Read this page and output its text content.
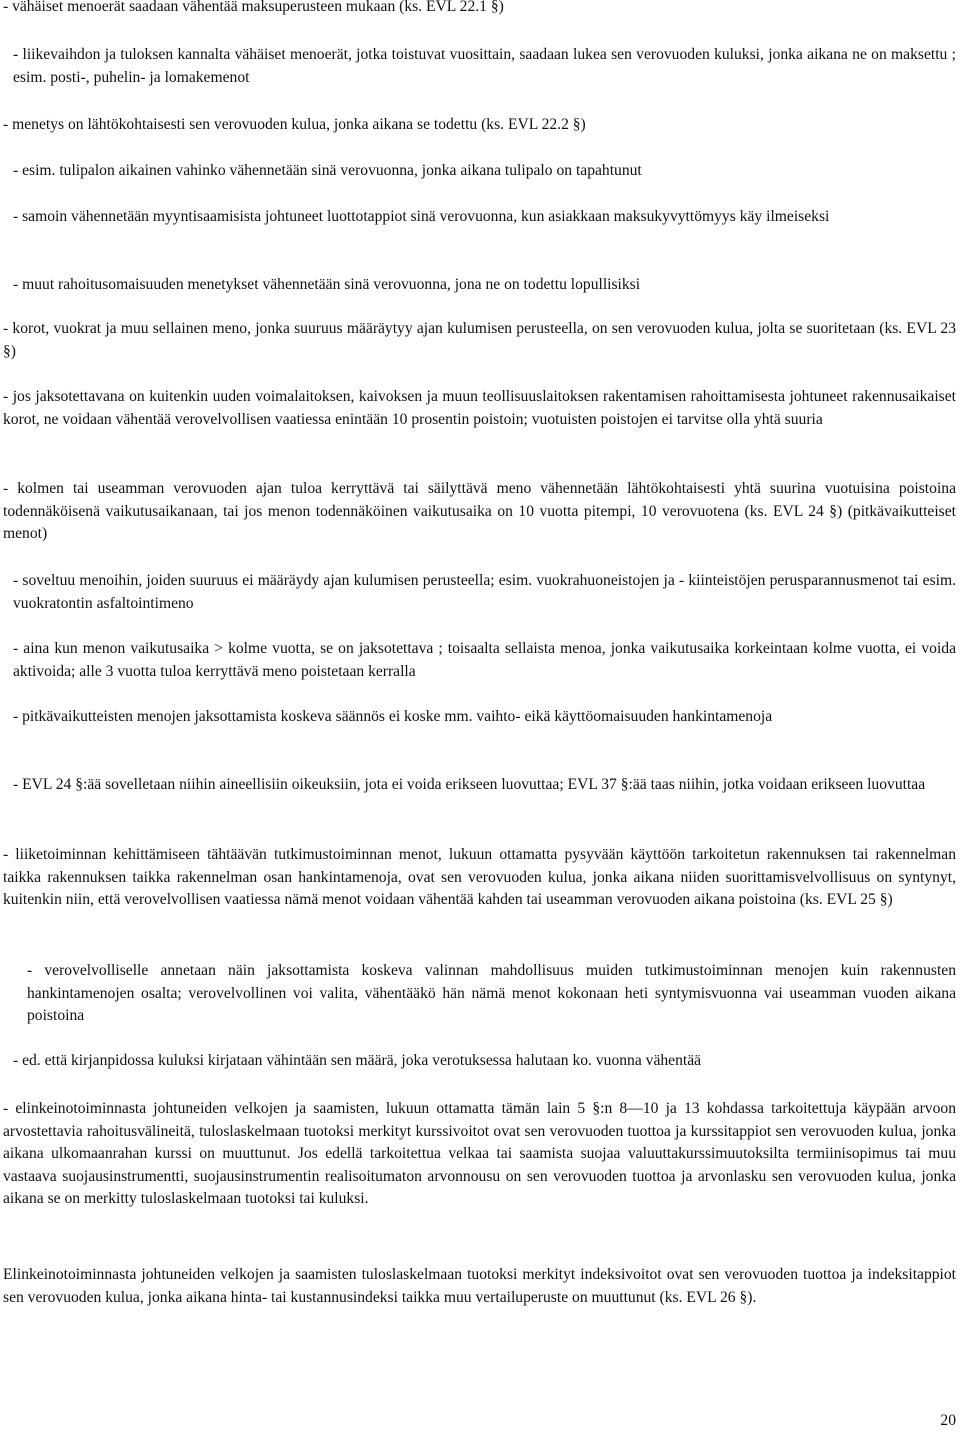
- vähäiset menoerät saadaan vähentää maksuperusteen mukaan (ks. EVL 22.1 §)

- liikevaihdon ja tuloksen kannalta vähäiset menoerät, jotka toistuvat vuosittain, saadaan lukea sen verovuoden kuluksi, jonka aikana ne on maksettu ; esim. posti-, puhelin- ja lomakemenot

- menetys on lähtökohtaisesti sen verovuoden kulua, jonka aikana se todettu (ks. EVL 22.2 §)

- esim. tulipalon aikainen vahinko vähennetään sinä verovuonna, jonka aikana tulipalo on tapahtunut

- samoin vähennetään myyntisaamisista johtuneet luottotappiot sinä verovuonna, kun asiakkaan maksukyvyttömyys käy ilmeiseksi

- muut rahoitusomaisuuden menetykset vähennetään sinä verovuonna, jona ne on todettu lopullisiksi

- korot, vuokrat ja muu sellainen meno, jonka suuruus määräytyy ajan kulumisen perusteella, on sen verovuoden kulua, jolta se suoritetaan (ks. EVL 23 §)

- jos jaksotettavana on kuitenkin uuden voimalaitoksen, kaivoksen ja muun teollisuuslaitoksen rakentamisen rahoittamisesta johtuneet rakennusaikaiset korot, ne voidaan vähentää verovelvollisen vaatiessa enintään 10 prosentin poistoin; vuotuisten poistojen ei tarvitse olla yhtä suuria

- kolmen tai useamman verovuoden ajan tuloa kerryttävä tai säilyttävä meno vähennetään lähtökohtaisesti yhtä suurina vuotuisina poistoina todennäköisenä vaikutusaikanaan, tai jos menon todennäköinen vaikutusaika on 10 vuotta pitempi, 10 verovuotena (ks. EVL 24 §) (pitkävaikutteiset menot)

- soveltuu menoihin, joiden suuruus ei määräydy ajan kulumisen perusteella; esim. vuokrahuoneistojen ja - kiinteistöjen perusparannusmenot tai esim. vuokratontin asfaltointimeno

- aina kun menon vaikutusaika > kolme vuotta, se on jaksotettava ; toisaalta sellaista menoa, jonka vaikutusaika korkeintaan kolme vuotta, ei voida aktivoida; alle 3 vuotta tuloa kerryttävä meno poistetaan kerralla

- pitkävaikutteisten menojen jaksottamista koskeva säännös ei koske mm. vaihto- eikä käyttöomaisuuden hankintamenoja

- EVL 24 §:ää sovelletaan niihin aineellisiin oikeuksiin, jota ei voida erikseen luovuttaa; EVL 37 §:ää taas niihin, jotka voidaan erikseen luovuttaa

- liiketoiminnan kehittämiseen tähtäävän tutkimustoiminnan menot, lukuun ottamatta pysyvään käyttöön tarkoitetun rakennuksen tai rakennelman taikka rakennuksen taikka rakennelman osan hankintamenoja, ovat sen verovuoden kulua, jonka aikana niiden suorittamisvelvollisuus on syntynyt, kuitenkin niin, että verovelvollisen vaatiessa nämä menot voidaan vähentää kahden tai useamman verovuoden aikana poistoina (ks. EVL 25 §)

- verovelvolliselle annetaan näin jaksottamista koskeva valinnan mahdollisuus muiden tutkimustoiminnan menojen kuin rakennusten hankintamenojen osalta; verovelvollinen voi valita, vähentääkö hän nämä menot kokonaan heti syntymisvuonna vai useamman vuoden aikana poistoina

- ed. että kirjanpidossa kuluksi kirjataan vähintään sen määrä, joka verotuksessa halutaan ko. vuonna vähentää

- elinkeinotoiminnasta johtuneiden velkojen ja saamisten, lukuun ottamatta tämän lain 5 §:n 8—10 ja 13 kohdassa tarkoitettuja käypään arvoon arvostettavia rahoitusvälineitä, tuloslaskelmaan tuotoksi merkityt kurssivoitot ovat sen verovuoden tuottoa ja kurssitappiot sen verovuoden kulua, jonka aikana ulkomaanrahan kurssi on muuttunut. Jos edellä tarkoitettua velkaa tai saamista suojaa valuuttakurssimuutoksilta termiinisopimus tai muu vastaava suojausinstrumentti, suojausinstrumentin realisoitumaton arvonnousu on sen verovuoden tuottoa ja arvonlasku sen verovuoden kulua, jonka aikana se on merkitty tuloslaskelmaan tuotoksi tai kuluksi.

Elinkeinotoiminnasta johtuneiden velkojen ja saamisten tuloslaskelmaan tuotoksi merkityt indeksivoitot ovat sen verovuoden tuottoa ja indeksitappiot sen verovuoden kulua, jonka aikana hinta- tai kustannusindeksi taikka muu vertailuperuste on muuttunut (ks. EVL 26 §).

20
